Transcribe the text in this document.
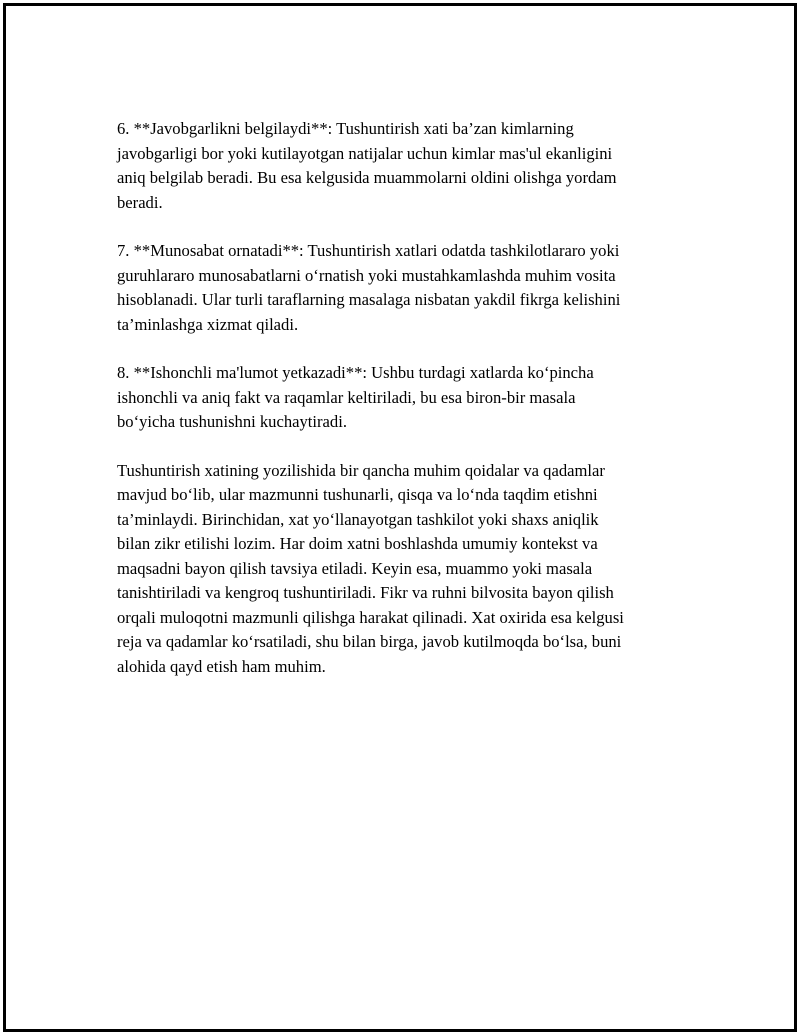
6. **Javobgarlikni belgilaydi**: Tushuntirish xati ba’zan kimlarning
javobgarligi bor yoki kutilayotgan natijalar uchun kimlar mas'ul ekanligini
aniq belgilab beradi. Bu esa kelgusida muammolarni oldini olishga yordam
beradi.

7. **Munosabat ornatadi**: Tushuntirish xatlari odatda tashkilotlararo yoki
guruhlararo munosabatlarni o‘rnatish yoki mustahkamlashda muhim vosita
hisoblanadi. Ular turli taraflarning masalaga nisbatan yakdil fikrga kelishini
ta’minlashga xizmat qiladi.

8. **Ishonchli ma'lumot yetkazadi**: Ushbu turdagi xatlarda ko‘pincha
ishonchli va aniq fakt va raqamlar keltiriladi, bu esa biron-bir masala
bo‘yicha tushunishni kuchaytiradi.

Tushuntirish xatining yozilishida bir qancha muhim qoidalar va qadamlar
mavjud bo‘lib, ular mazmunni tushunarli, qisqa va lo‘nda taqdim etishni
ta’minlaydi. Birinchidan, xat yo‘llanayotgan tashkilot yoki shaxs aniqlik
bilan zikr etilishi lozim. Har doim xatni boshlashda umumiy kontekst va
maqsadni bayon qilish tavsiya etiladi. Keyin esa, muammo yoki masala
tanishtiriladi va kengroq tushuntiriladi. Fikr va ruhni bilvosita bayon qilish
orqali muloqotni mazmunli qilishga harakat qilinadi. Xat oxirida esa kelgusi
reja va qadamlar ko‘rsatiladi, shu bilan birga, javob kutilmoqda bo‘lsa, buni
alohida qayd etish ham muhim.
